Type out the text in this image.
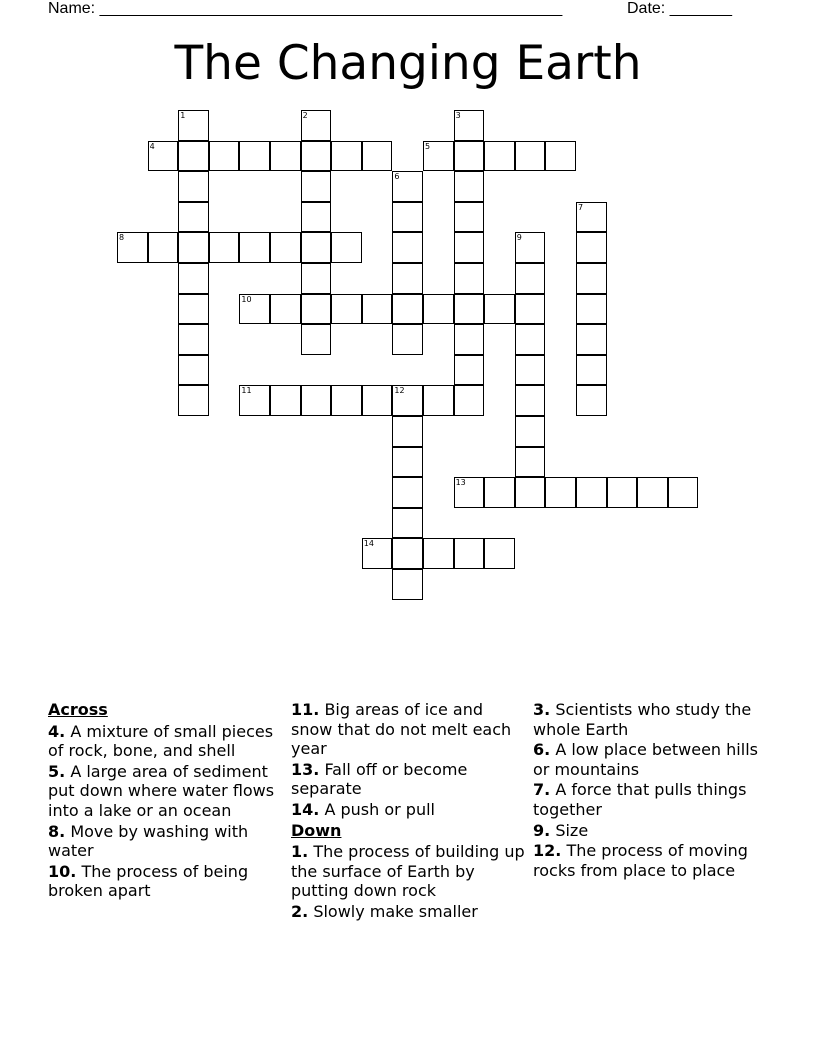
Name: ____________________________________________________	Date: _______
The Changing Earth
1	2	3
4	5
6
7
8	9
10
11	12
13
14
Across
4. A mixture of small pieces of rock, bone, and shell
5. A large area of sediment put down where water flows into a lake or an ocean
8. Move by washing with water
10. The process of being broken apart
11. Big areas of ice and snow that do not melt each year
13. Fall off or become separate
14. A push or pull
Down
1. The process of building up the surface of Earth by putting down rock
2. Slowly make smaller
3. Scientists who study the whole Earth
6. A low place between hills or mountains
7. A force that pulls things together
9. Size
12. The process of moving rocks from place to place
